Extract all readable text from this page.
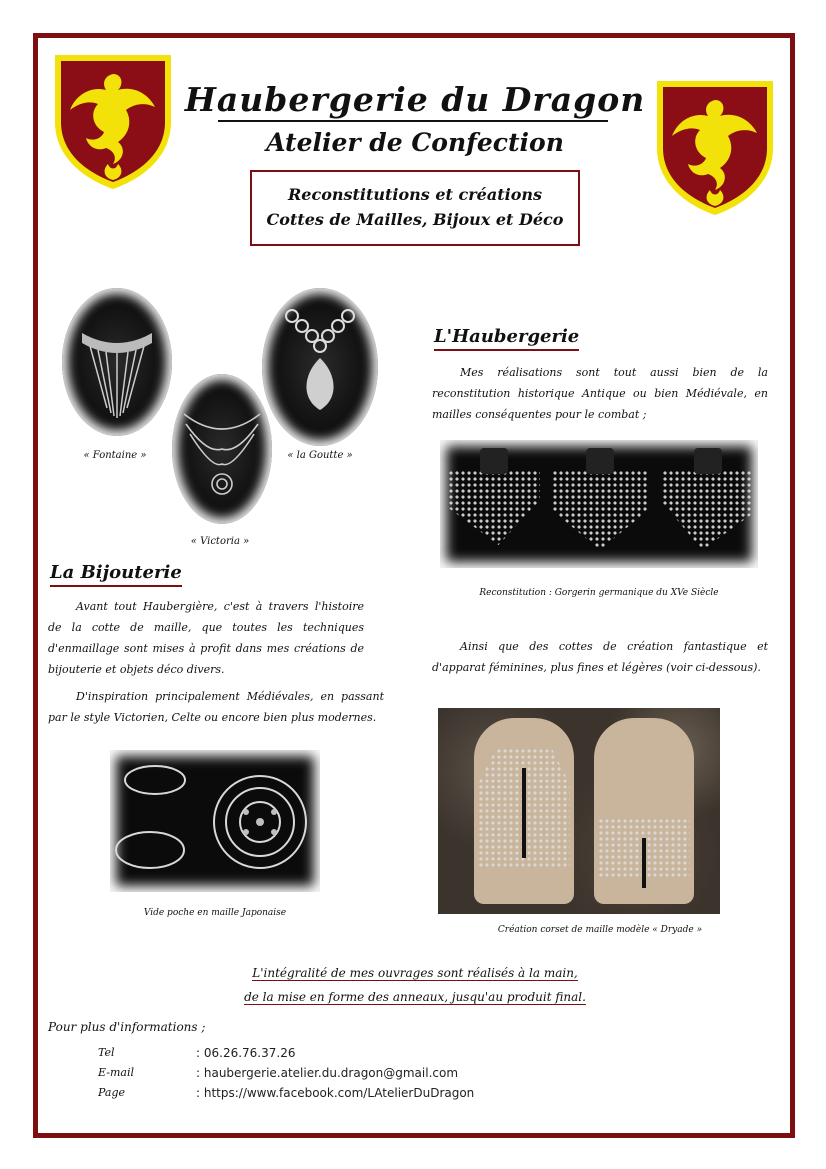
Haubergerie du Dragon
Atelier de Confection
Reconstitutions et créations
Cottes de Mailles, Bijoux et Déco
« Fontaine »	« la Goutte »
« Victoria »
La Bijouterie
Avant tout Haubergière, c'est à travers l'histoire de la cotte de maille, que toutes les techniques d'enmaillage sont mises à profit dans mes créations de bijouterie et objets déco divers.
D'inspiration principalement Médiévales, en passant par le style Victorien, Celte ou encore bien plus modernes.
Vide poche en maille Japonaise
L'Haubergerie
Mes réalisations sont tout aussi bien de la reconstitution historique Antique ou bien Médiévale, en mailles conséquentes pour le combat ;
Reconstitution : Gorgerin germanique du XVe Siècle
Ainsi que des cottes de création fantastique et d'apparat féminines, plus fines et légères (voir ci-dessous).
Création corset de maille modèle « Dryade »
L'intégralité de mes ouvrages sont réalisés à la main,
de la mise en forme des anneaux, jusqu'au produit final.
Pour plus d'informations ;
Tel	: 06.26.76.37.26
E-mail	: haubergerie.atelier.du.dragon@gmail.com
Page	: https://www.facebook.com/LAtelierDuDragon
